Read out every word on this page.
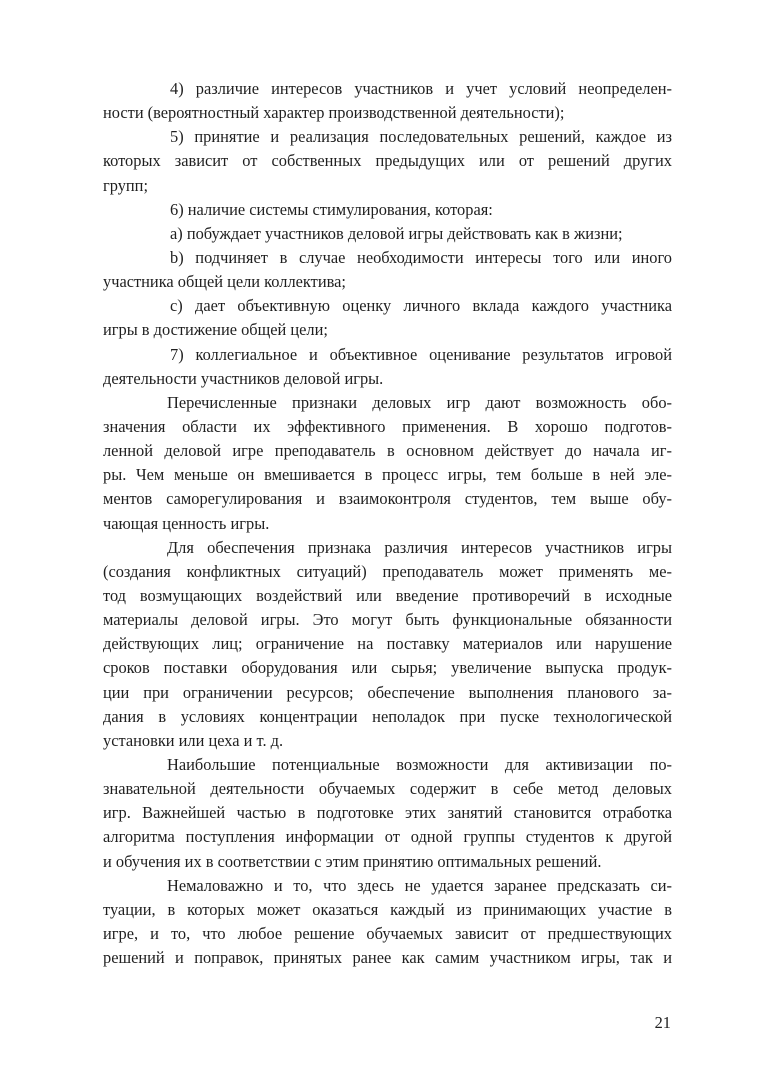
4) различие интересов участников и учет условий неопределен-
ности (вероятностный характер производственной деятельности);
5) принятие и реализация последовательных решений, каждое из
которых зависит от собственных предыдущих или от решений других
групп;
6) наличие системы стимулирования, которая:
a) побуждает участников деловой игры действовать как в жизни;
b) подчиняет в случае необходимости интересы того или иного
участника общей цели коллектива;
c) дает объективную оценку личного вклада каждого участника
игры в достижение общей цели;
7) коллегиальное и объективное оценивание результатов игровой
деятельности участников деловой игры.
Перечисленные признаки деловых игр дают возможность обо-
значения области их эффективного применения. В хорошо подготов-
ленной деловой игре преподаватель в основном действует до начала иг-
ры. Чем меньше он вмешивается в процесс игры, тем больше в ней эле-
ментов саморегулирования и взаимоконтроля студентов, тем выше обу-
чающая ценность игры.
Для обеспечения признака различия интересов участников игры
(создания конфликтных ситуаций) преподаватель может применять ме-
тод возмущающих воздействий или введение противоречий в исходные
материалы деловой игры. Это могут быть функциональные обязанности
действующих лиц; ограничение на поставку материалов или нарушение
сроков поставки оборудования или сырья; увеличение выпуска продук-
ции при ограничении ресурсов; обеспечение выполнения планового за-
дания в условиях концентрации неполадок при пуске технологической
установки или цеха и т. д.
Наибольшие потенциальные возможности для активизации по-
знавательной деятельности обучаемых содержит в себе метод деловых
игр. Важнейшей частью в подготовке этих занятий становится отработка
алгоритма поступления информации от одной группы студентов к другой
и обучения их в соответствии с этим принятию оптимальных решений.
Немаловажно и то, что здесь не удается заранее предсказать си-
туации, в которых может оказаться каждый из принимающих участие в
игре, и то, что любое решение обучаемых зависит от предшествующих
решений и поправок, принятых ранее как самим участником игры, так и
21
